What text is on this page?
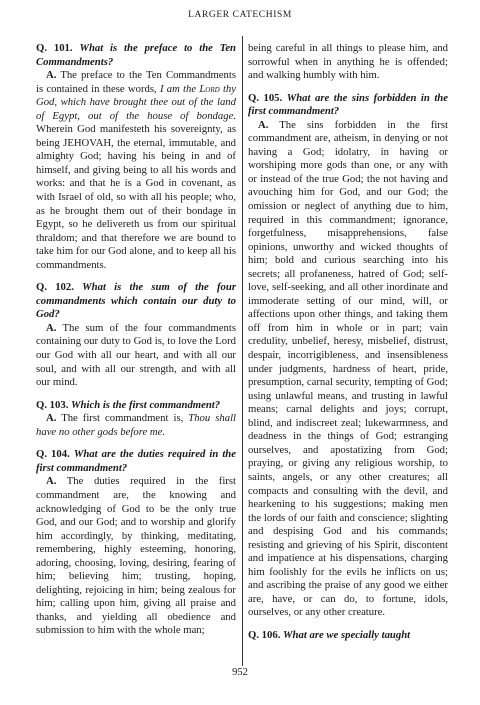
LARGER CATECHISM

Q. 101. What is the preface to the Ten Commandments?

A. The preface to the Ten Commandments is contained in these words, I am the Lord thy God, which have brought thee out of the land of Egypt, out of the house of bondage. Wherein God manifesteth his sovereignty, as being JEHOVAH, the eternal, immutable, and almighty God; having his being in and of himself, and giving being to all his words and works: and that he is a God in covenant, as with Israel of old, so with all his people; who, as he brought them out of their bondage in Egypt, so he delivereth us from our spiritual thraldom; and that therefore we are bound to take him for our God alone, and to keep all his commandments.

Q. 102. What is the sum of the four commandments which contain our duty to God?

A. The sum of the four commandments containing our duty to God is, to love the Lord our God with all our heart, and with all our soul, and with all our strength, and with all our mind.

Q. 103. Which is the first commandment?

A. The first commandment is, Thou shall have no other gods before me.

Q. 104. What are the duties required in the first commandment?

A. The duties required in the first commandment are, the knowing and acknowledging of God to be the only true God, and our God; and to worship and glorify him accordingly, by thinking, meditating, remembering, highly esteeming, honoring, adoring, choosing, loving, desiring, fearing of him; believing him; trusting, hoping, delighting, rejoicing in him; being zealous for him; calling upon him, giving all praise and thanks, and yielding all obedience and submission to him with the whole man;

being careful in all things to please him, and sorrowful when in anything he is offended; and walking humbly with him.

Q. 105. What are the sins forbidden in the first commandment?

A. The sins forbidden in the first commandment are, atheism, in denying or not having a God; idolatry, in having or worshiping more gods than one, or any with or instead of the true God; the not having and avouching him for God, and our God; the omission or neglect of anything due to him, required in this commandment; ignorance, forgetfulness, misapprehensions, false opinions, unworthy and wicked thoughts of him; bold and curious searching into his secrets; all profaneness, hatred of God; self-love, self-seeking, and all other inordinate and immoderate setting of our mind, will, or affections upon other things, and taking them off from him in whole or in part; vain credulity, unbelief, heresy, misbelief, distrust, despair, incorrigibleness, and insensibleness under judgments, hardness of heart, pride, presumption, carnal security, tempting of God; using unlawful means, and trusting in lawful means; carnal delights and joys; corrupt, blind, and indiscreet zeal; lukewarmness, and deadness in the things of God; estranging ourselves, and apostatizing from God; praying, or giving any religious worship, to saints, angels, or any other creatures; all compacts and consulting with the devil, and hearkening to his suggestions; making men the lords of our faith and conscience; slighting and despising God and his commands; resisting and grieving of his Spirit, discontent and impatience at his dispensations, charging him foolishly for the evils he inflicts on us; and ascribing the praise of any good we either are, have, or can do, to fortune, idols, ourselves, or any other creature.

Q. 106. What are we specially taught

952
